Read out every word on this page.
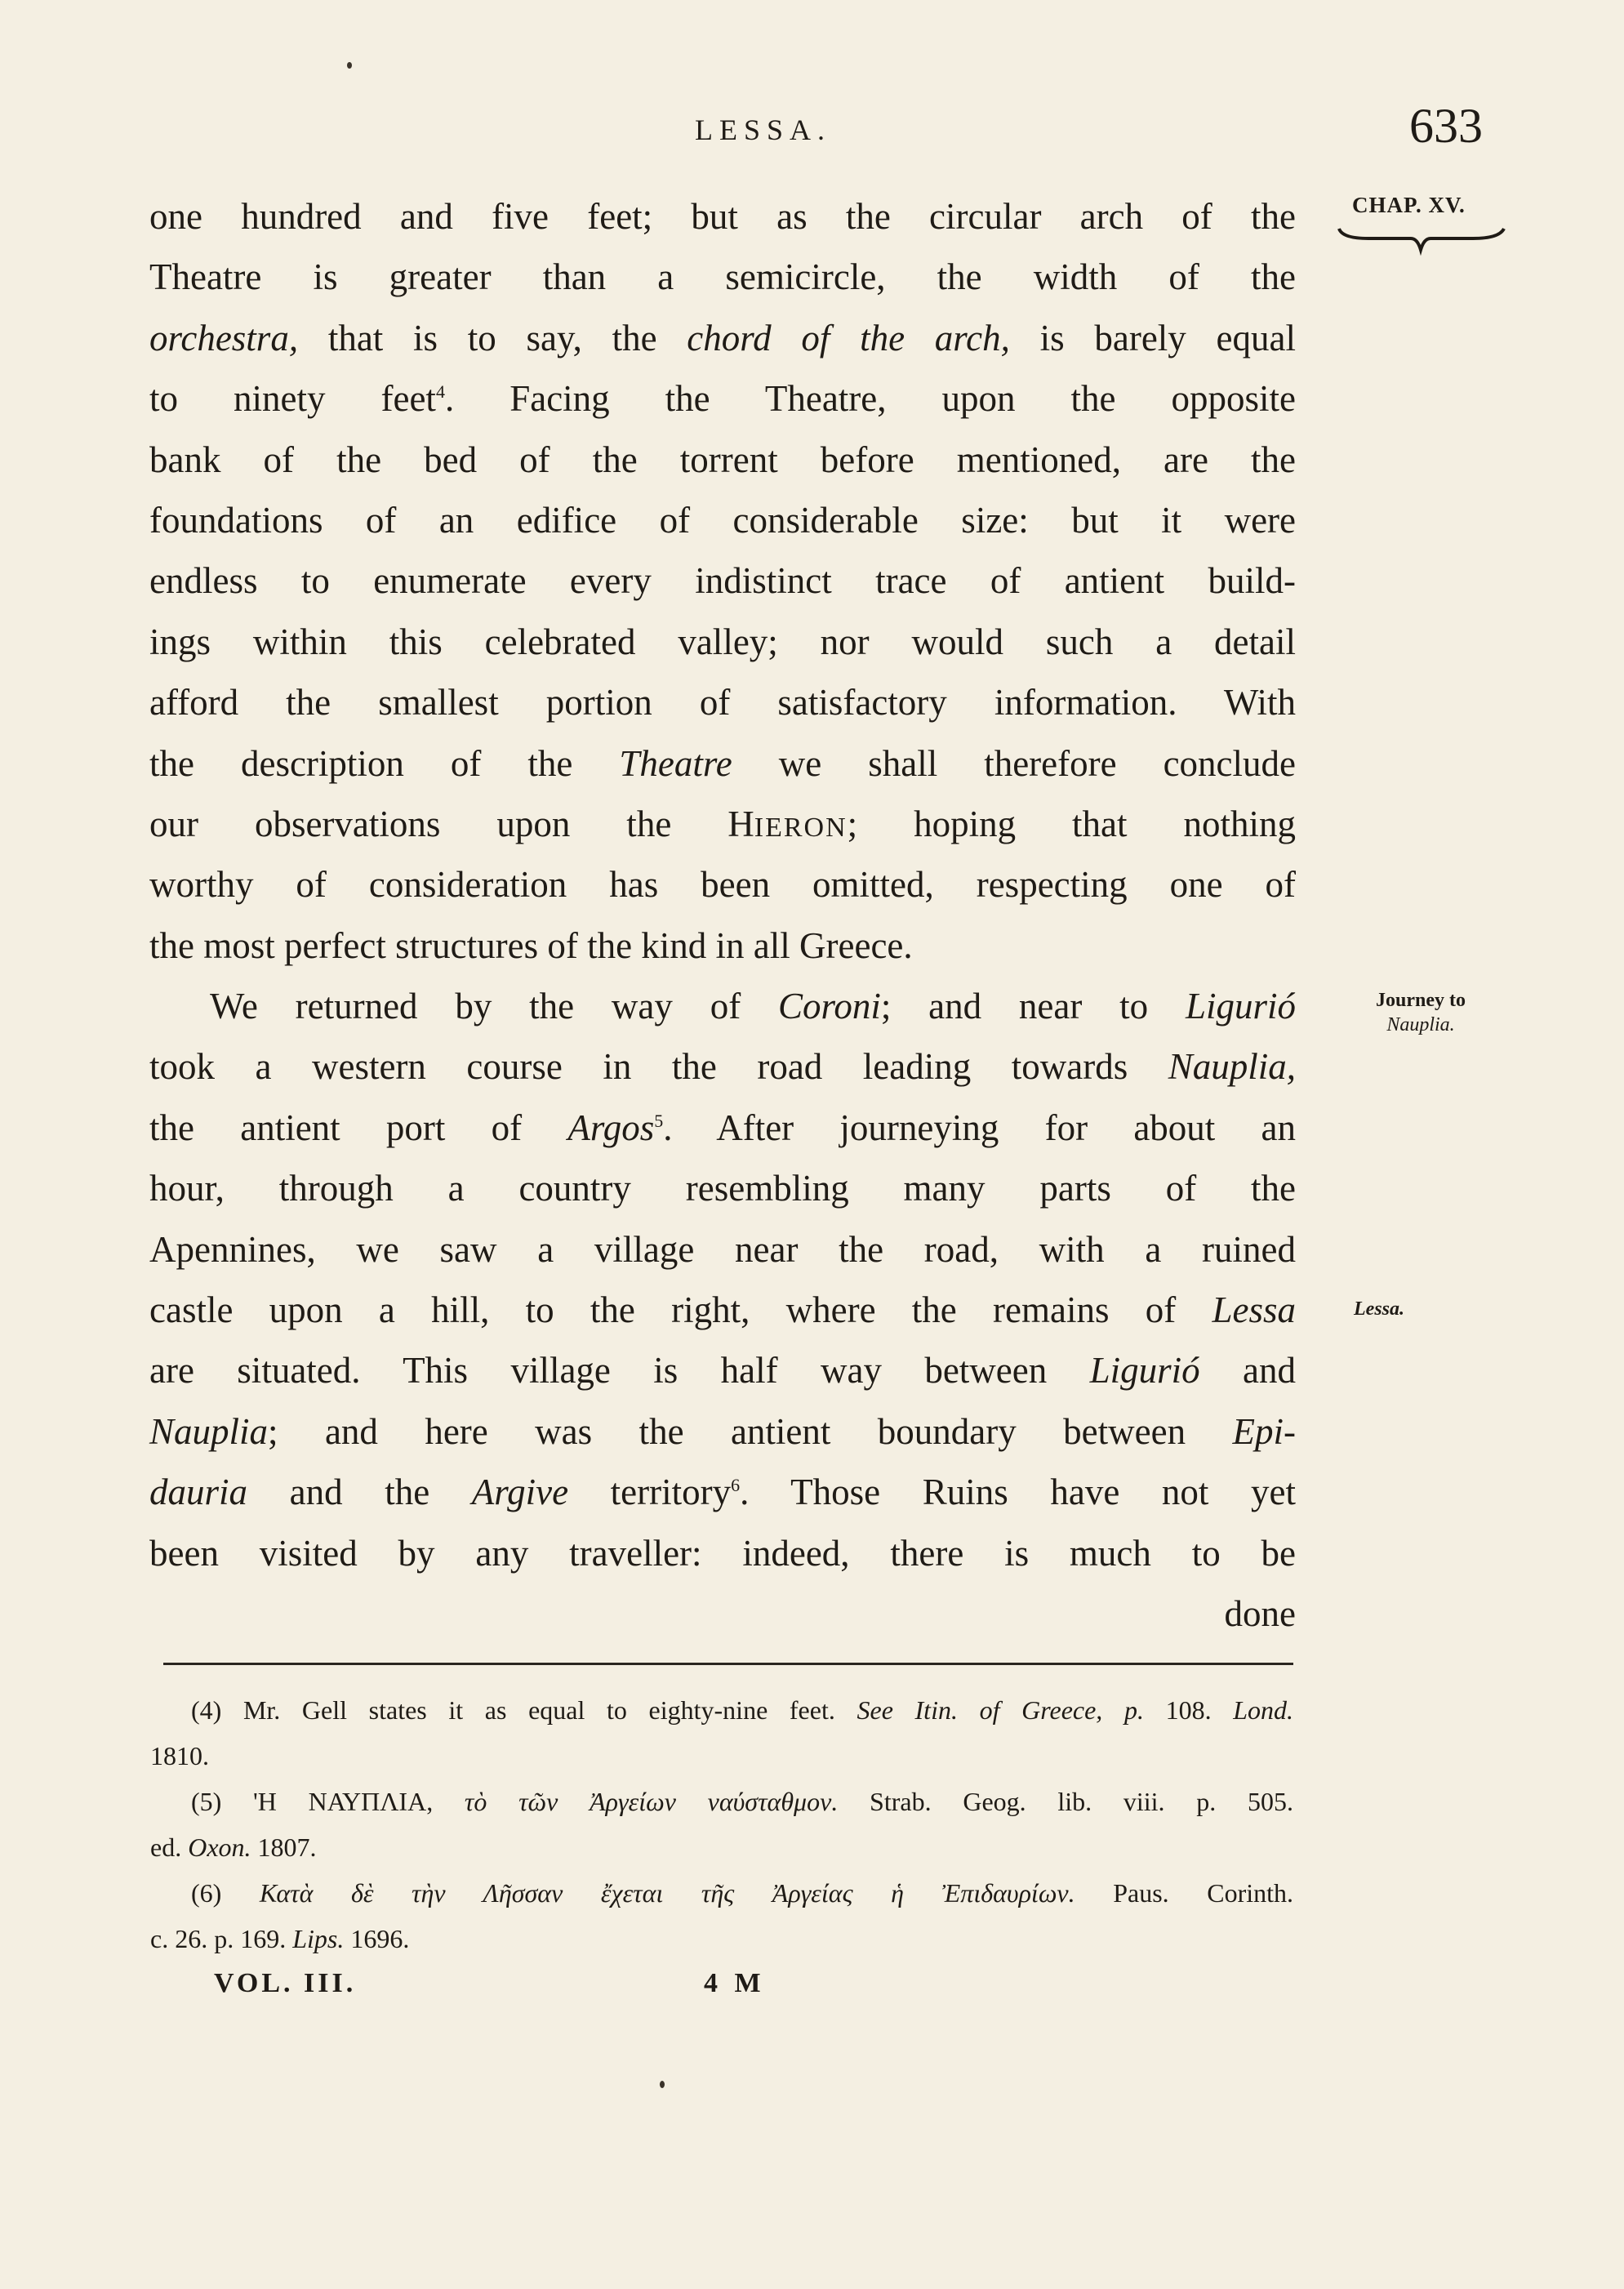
LESSA.	633
CHAP. XV.
Journey to
Nauplia.
Lessa.
one hundred and five feet; but as the circular arch of the
Theatre is greater than a semicircle, the width of the
orchestra, that is to say, the chord of the arch, is barely equal
to ninety feet$^4$. Facing the Theatre, upon the opposite
bank of the bed of the torrent before mentioned, are the
foundations of an edifice of considerable size: but it were
endless to enumerate every indistinct trace of antient build-
ings within this celebrated valley; nor would such a detail
afford the smallest portion of satisfactory information. With
the description of the Theatre we shall therefore conclude
our observations upon the HIERON; hoping that nothing
worthy of consideration has been omitted, respecting one of
the most perfect structures of the kind in all Greece.
We returned by the way of Coroni; and near to Ligurió
took a western course in the road leading towards Nauplia,
the antient port of Argos$^5$. After journeying for about an
hour, through a country resembling many parts of the
Apennines, we saw a village near the road, with a ruined
castle upon a hill, to the right, where the remains of Lessa
are situated. This village is half way between Ligurió and
Nauplia; and here was the antient boundary between Epi-
dauria and the Argive territory$^6$. Those Ruins have not yet
been visited by any traveller: indeed, there is much to be
done
(4) Mr. Gell states it as equal to eighty-nine feet. See Itin. of Greece, p. 108. Lond.
1810.
(5) 'Η ΝΑΥΠΛΙΑ, τὸ τῶν Ἀργείων ναύσταθμον. Strab. Geog. lib. viii. p. 505.
ed. Oxon. 1807.
(6) Κατὰ δὲ τὴν Λῆσσαν ἔχεται τῆς Ἀργείας ἡ Ἐπιδαυρίων. Paus. Corinth.
c. 26. p. 169. Lips. 1696.
VOL. III.	4 M
